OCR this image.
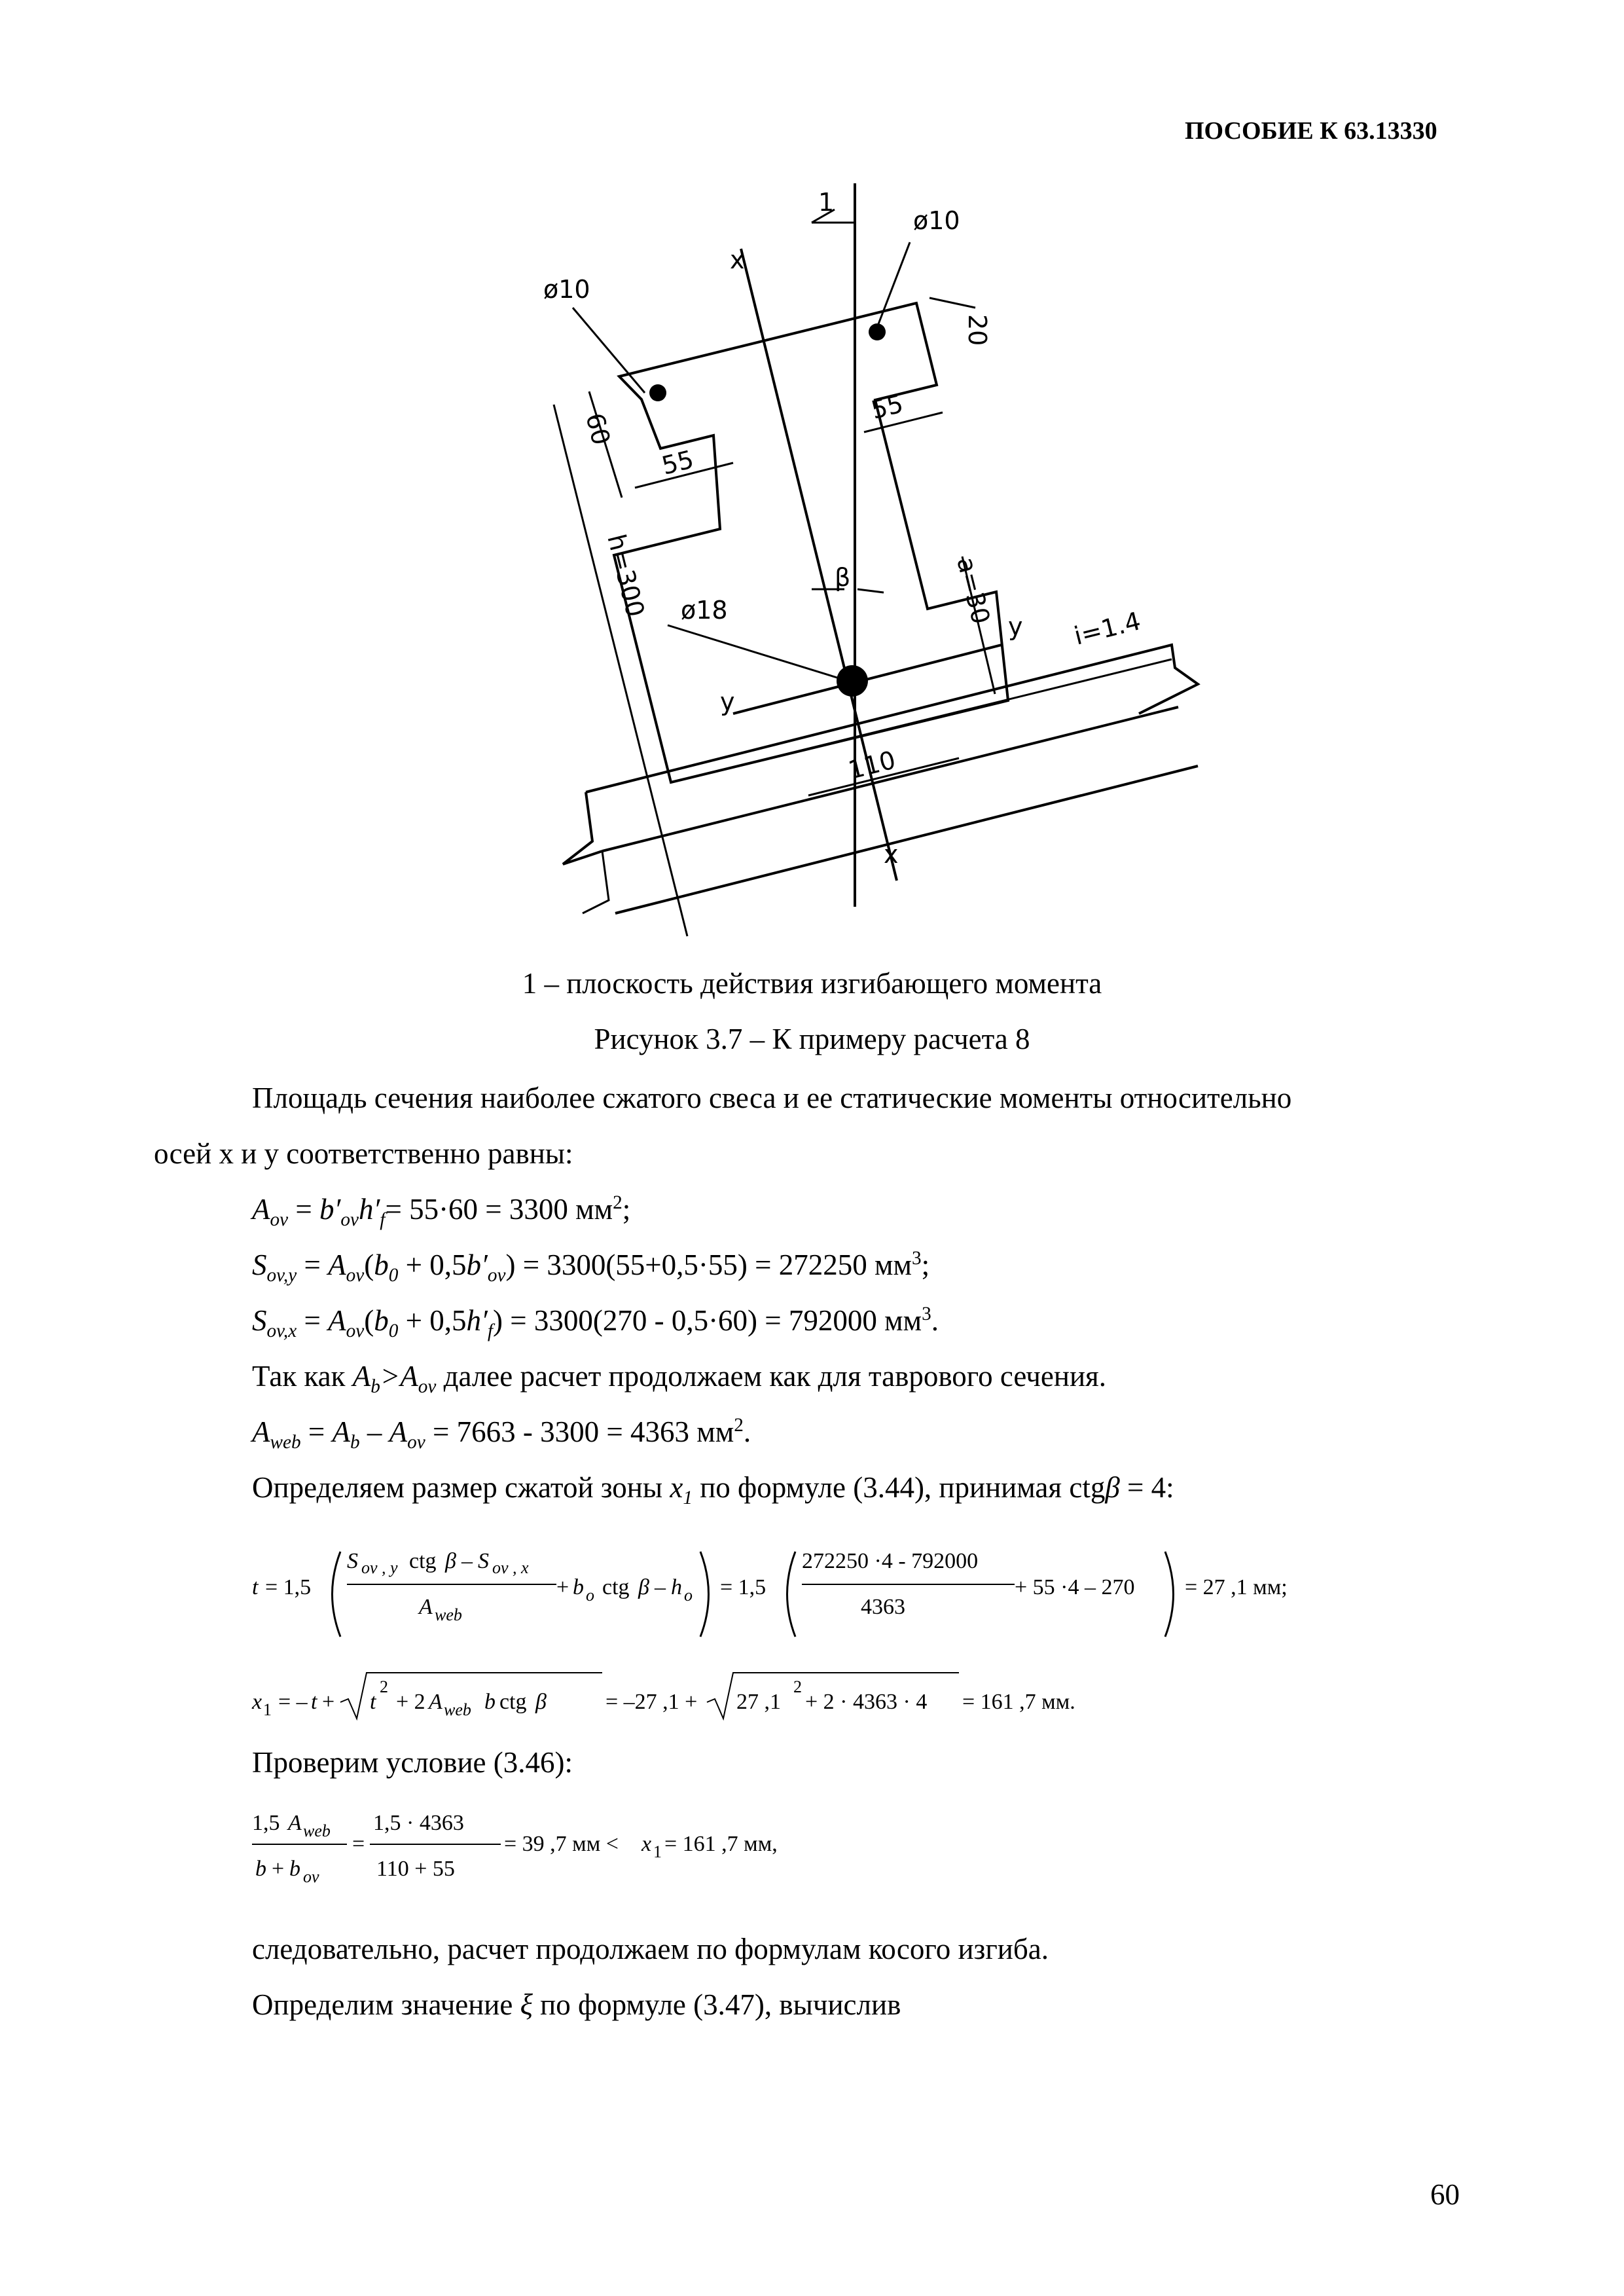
ПОСОБИЕ К 63.13330
1
ø10
ø10
ø18
20
55
55
60
h=300	a=30
110
i=1.4
β
x
x
y
y
1 – плоскость действия изгибающего момента
Рисунок 3.7 – К примеру расчета 8
Площадь сечения наиболее сжатого свеса и ее статические моменты относительно
осей x и y соответственно равны:
$A_{ov} = b'_{ov}h'_f= 55\cdot 60 = 3300$ $мм^2$;
$S_{ov,y} = A_{ov}(b_0 + 0,5b'_{ov}) = 3300(55+0,5\cdot 55) = 272250$ $мм^3$;
$S_{ov,x} = A_{ov}(b_0 + 0,5h'_f) = 3300(270 - 0,5\cdot 60) = 792000$ $мм^3$.
Так как $A_b>A_{ov}$ далее расчет продолжаем как для таврового сечения.
$A_{web} = A_b - A_{ov} = 7663 - 3300 = 4363$ $мм^2$.
Определяем размер сжатой зоны $x_1$ по формуле (3.44), принимая ctgβ = 4:
t = 1,5
S ov , y ctg β – S ov , x
A web
+ b o ctg β – h o = 1,5
272250 ·4 - 792000
4363
+ 55 ·4 – 270 = 27 ,1 мм;
x 1 = – t + t
2
+ 2 A web b ctg β	= –27 ,1 + 27 ,1
2
+ 2 · 4363 · 4 = 161 ,7 мм.
Проверим условие (3.46):
1,5 A web
b + b ov
=
1,5 · 4363
110 + 55
= 39 ,7 мм < x 1 = 161 ,7 мм,
следовательно, расчет продолжаем по формулам косого изгиба.
Определим значение ξ по формуле (3.47), вычислив
60
